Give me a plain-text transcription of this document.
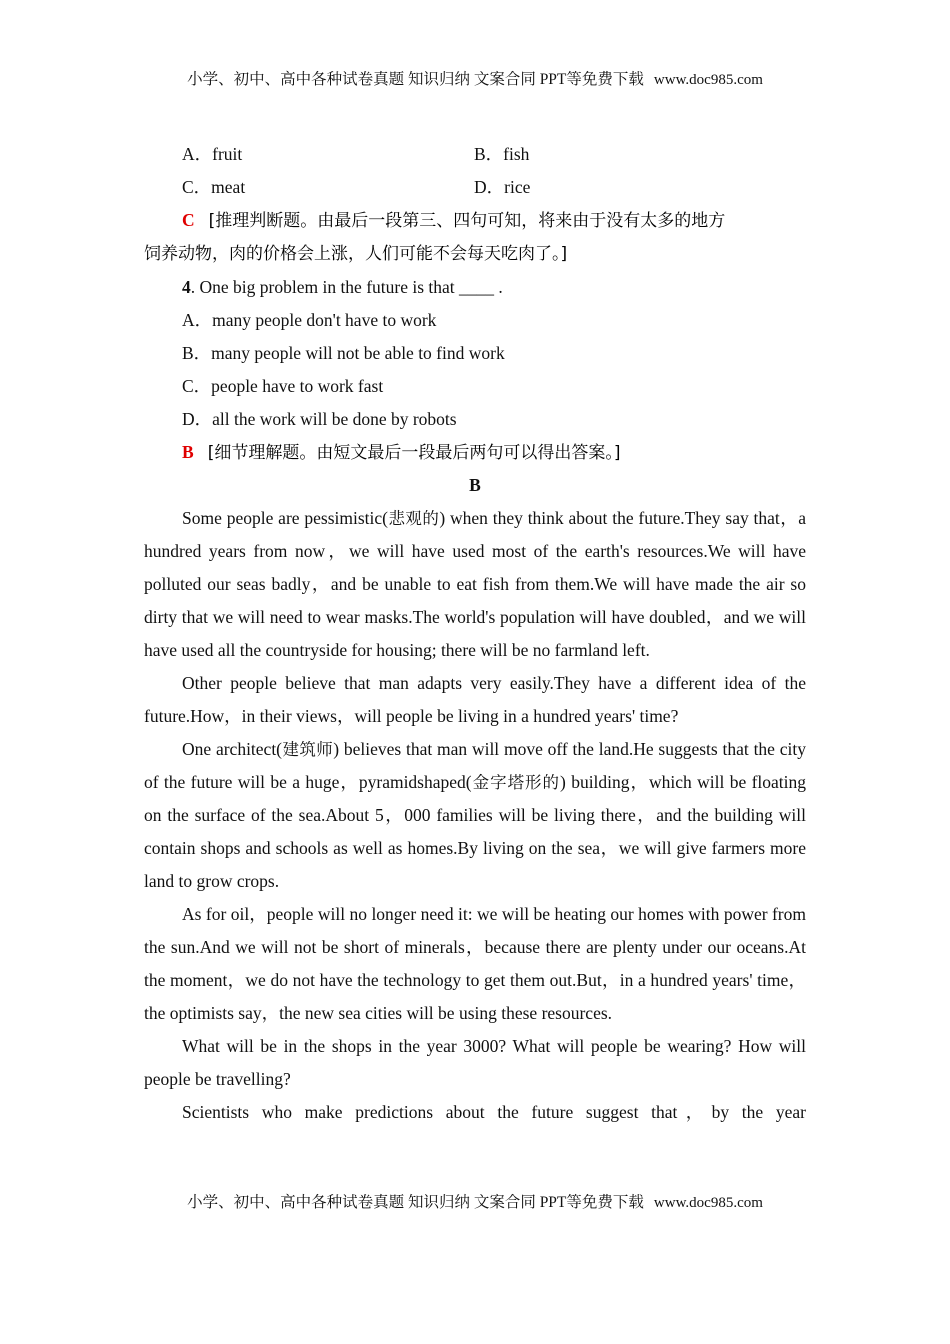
小学、初中、高中各种试卷真题 知识归纳 文案合同 PPT等免费下载 www.doc985.com
A．fruit	B．fish
C．meat	D．rice
C [推理判断题。由最后一段第三、四句可知，将来由于没有太多的地方
饲养动物，肉的价格会上涨，人们可能不会每天吃肉了。]
4. One big problem in the future is that ____ .
A．many people don't have to work
B．many people will not be able to find work
C．people have to work fast
D．all the work will be done by robots
B [细节理解题。由短文最后一段最后两句可以得出答案。]
B

Some people are pessimistic(悲观的) when they think about the future.They say that，a hundred years from now，we will have used most of the earth's resources.We will have polluted our seas badly，and be unable to eat fish from them.We will have made the air so dirty that we will need to wear masks.The world's population will have doubled，and we will have used all the countryside for housing; there will be no farmland left.

Other people believe that man adapts very easily.They have a different idea of the future.How，in their views，will people be living in a hundred years' time?

One architect(建筑师) believes that man will move off the land.He suggests that the city of the future will be a huge，pyramidshaped(金字塔形的) building，which will be floating on the surface of the sea.About 5，000 families will be living there，and the building will contain shops and schools as well as homes.By living on the sea，we will give farmers more land to grow crops.

As for oil，people will no longer need it: we will be heating our homes with power from the sun.And we will not be short of minerals，because there are plenty under our oceans.At the moment，we do not have the technology to get them out.But，in a hundred years' time，the optimists say，the new sea cities will be using these resources.

What will be in the shops in the year 3000? What will people be wearing? How will people be travelling?

Scientists who make predictions about the future suggest that，by the year

小学、初中、高中各种试卷真题 知识归纳 文案合同 PPT等免费下载 www.doc985.com
